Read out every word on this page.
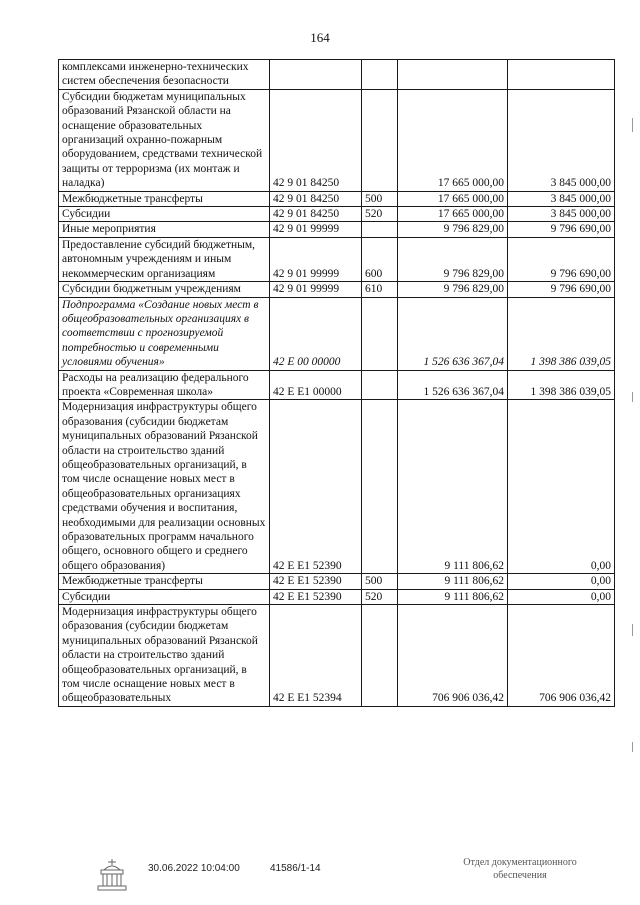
164
комплексами инженерно-технических систем обеспечения безопасности				
Субсидии бюджетам муниципальных образований Рязанской области на оснащение образовательных организаций охранно-пожарным оборудованием, средствами технической защиты от терроризма (их монтаж и наладка)	42 9 01 84250		17 665 000,00	3 845 000,00
Межбюджетные трансферты	42 9 01 84250	500	17 665 000,00	3 845 000,00
Субсидии	42 9 01 84250	520	17 665 000,00	3 845 000,00
Иные мероприятия	42 9 01 99999		9 796 829,00	9 796 690,00
Предоставление субсидий бюджетным, автономным учреждениям и иным некоммерческим организациям	42 9 01 99999	600	9 796 829,00	9 796 690,00
Субсидии бюджетным учреждениям	42 9 01 99999	610	9 796 829,00	9 796 690,00
Подпрограмма «Создание новых мест в общеобразовательных организациях в соответствии с прогнозируемой потребностью и современными условиями обучения»	42 Е 00 00000		1 526 636 367,04	1 398 386 039,05
Расходы на реализацию федерального проекта «Современная школа»	42 Е Е1 00000		1 526 636 367,04	1 398 386 039,05
Модернизация инфраструктуры общего образования (субсидии бюджетам муниципальных образований Рязанской области на строительство зданий общеобразовательных организаций, в том числе оснащение новых мест в общеобразовательных организациях средствами обучения и воспитания, необходимыми для реализации основных образовательных программ начального общего, основного общего и среднего общего образования)	42 Е Е1 52390		9 111 806,62	0,00
Межбюджетные трансферты	42 Е Е1 52390	500	9 111 806,62	0,00
Субсидии	42 Е Е1 52390	520	9 111 806,62	0,00
Модернизация инфраструктуры общего образования (субсидии бюджетам муниципальных образований Рязанской области на строительство зданий общеобразовательных организаций, в том числе оснащение новых мест в общеобразовательных	42 Е Е1 52394		706 906 036,42	706 906 036,42
30.06.2022 10:04:00	41586/1-14
Отдел документационного
обеспечения
